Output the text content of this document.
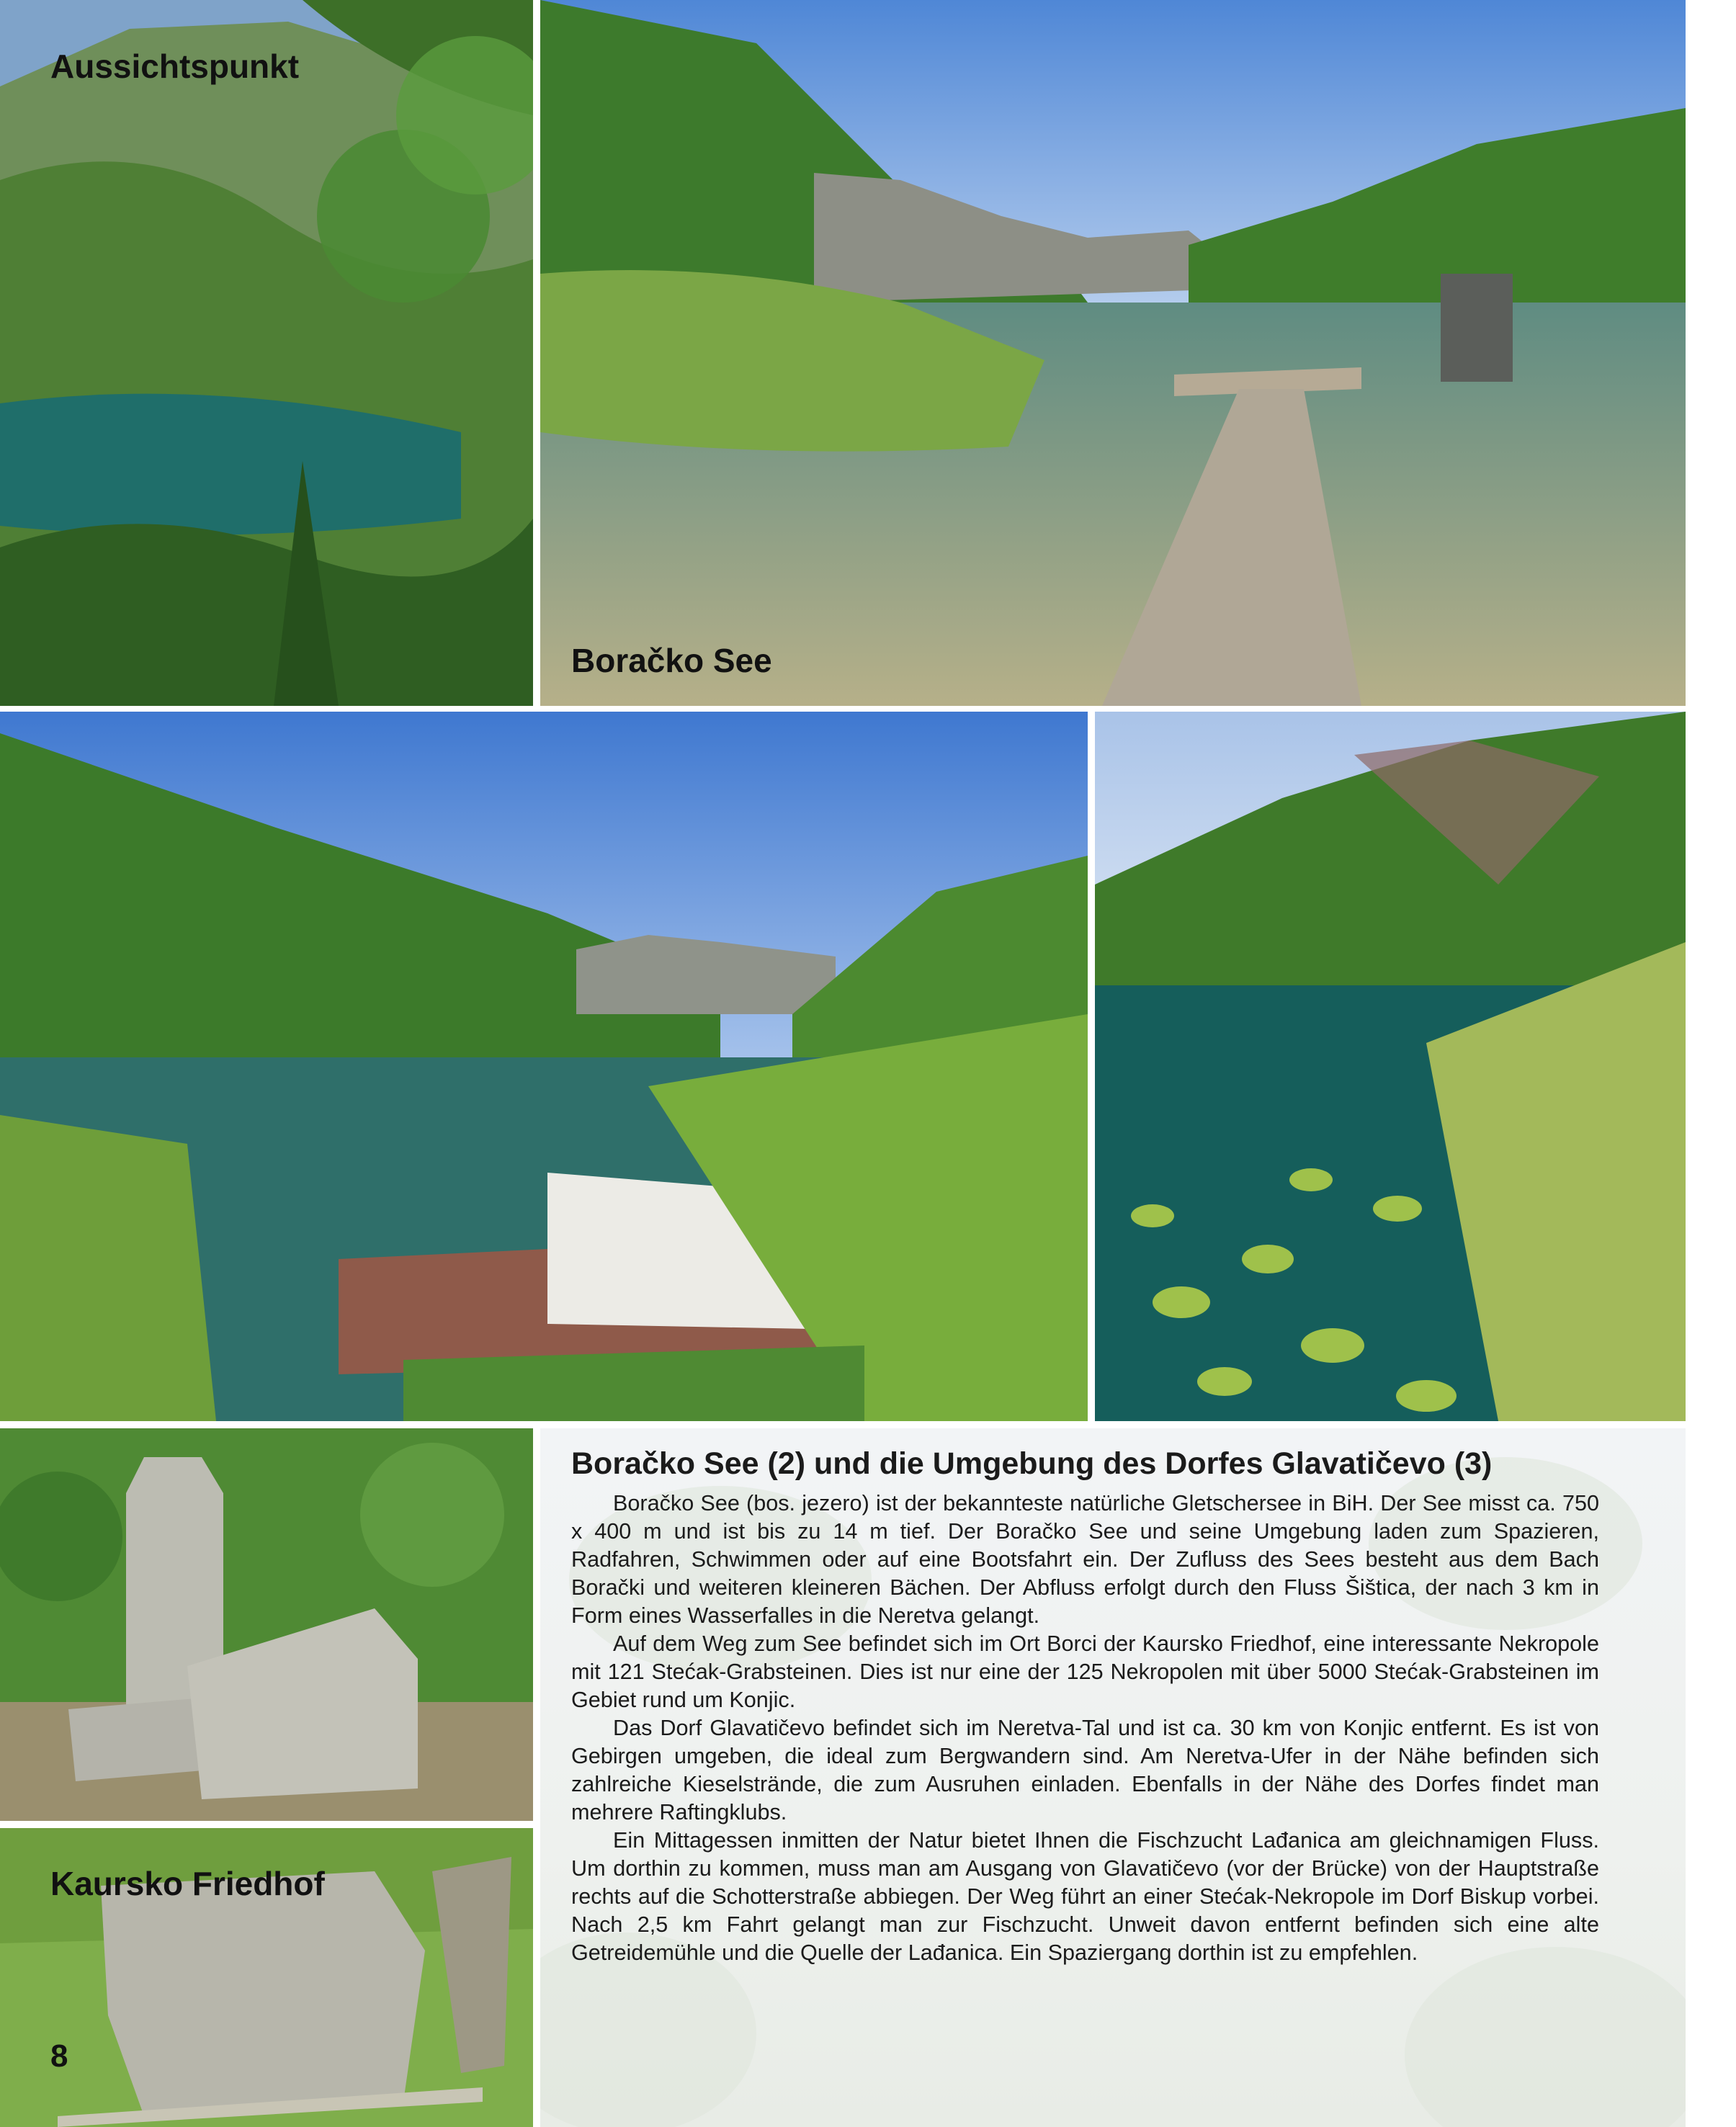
Aussichtspunkt

Boračko See

Kaursko Friedhof

8
Boračko See (2) und die Umgebung des Dorfes Glavatičevo (3)

Boračko See (bos. jezero) ist der bekannteste natürliche Gletschersee in BiH. Der See misst ca. 750 x 400 m und ist bis zu 14 m tief. Der Boračko See und seine Umgebung laden zum Spazieren, Radfahren, Schwimmen oder auf eine Bootsfahrt ein. Der Zufluss des Sees besteht aus dem Bach Borački und weiteren kleineren Bächen. Der Abfluss erfolgt durch den Fluss Šištica, der nach 3 km in Form eines Wasserfalles in die Neretva gelangt.

Auf dem Weg zum See befindet sich im Ort Borci der Kaursko Friedhof, eine interessante Nekropole mit 121 Stećak-Grabsteinen. Dies ist nur eine der 125 Nekropolen mit über 5000 Stećak-Grabsteinen im Gebiet rund um Konjic.

Das Dorf Glavatičevo befindet sich im Neretva-Tal und ist ca. 30 km von Konjic entfernt. Es ist von Gebirgen umgeben, die ideal zum Bergwandern sind. Am Neretva-Ufer in der Nähe befinden sich zahlreiche Kieselstrände, die zum Ausruhen einladen. Ebenfalls in der Nähe des Dorfes findet man mehrere Raftingklubs.

Ein Mittagessen inmitten der Natur bietet Ihnen die Fischzucht Lađanica am gleichnamigen Fluss. Um dorthin zu kommen, muss man am Ausgang von Glavatičevo (vor der Brücke) von der Hauptstraße rechts auf die Schotterstraße abbiegen. Der Weg führt an einer Stećak-Nekropole im Dorf Biskup vorbei. Nach 2,5 km Fahrt gelangt man zur Fischzucht. Unweit davon entfernt befinden sich eine alte Getreidemühle und die Quelle der Lađanica. Ein Spaziergang dorthin ist zu empfehlen.
